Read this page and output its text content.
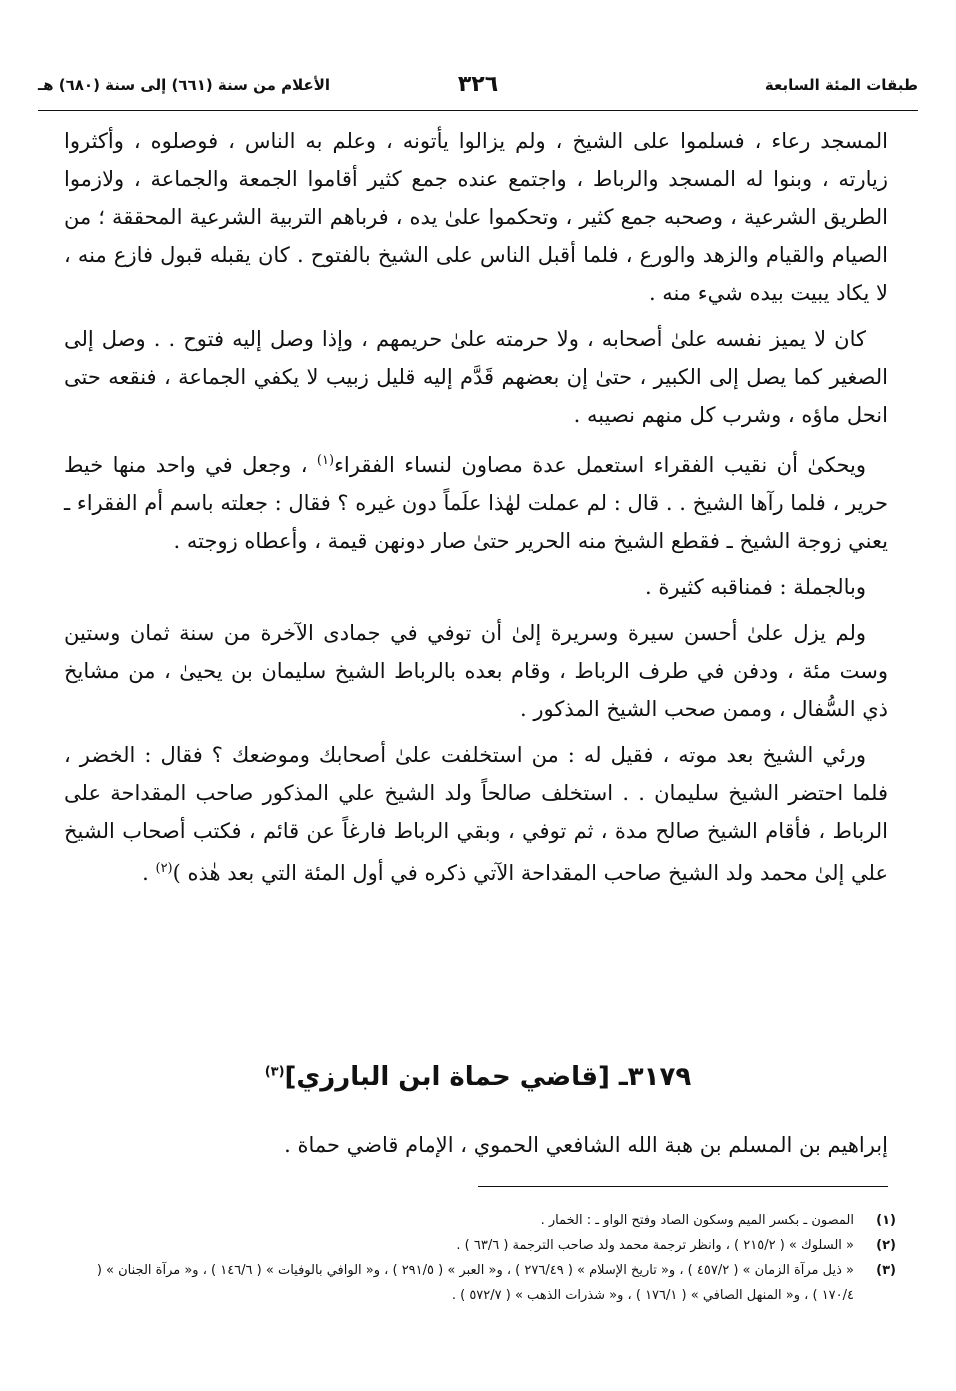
طبقات المئة السابعة
٣٢٦
الأعلام من سنة (٦٦١) إلى سنة (٦٨٠) هـ

المسجد رعاء ، فسلموا على الشيخ ، ولم يزالوا يأتونه ، وعلم به الناس ، فوصلوه ، وأكثروا زيارته ، وبنوا له المسجد والرباط ، واجتمع عنده جمع كثير أقاموا الجمعة والجماعة ، ولازموا الطريق الشرعية ، وصحبه جمع كثير ، وتحكموا علىٰ يده ، فرباهم التربية الشرعية المحققة ؛ من الصيام والقيام والزهد والورع ، فلما أقبل الناس على الشيخ بالفتوح . كان يقبله قبول فازع منه ، لا يكاد يبيت بيده شيء منه .

كان لا يميز نفسه علىٰ أصحابه ، ولا حرمته علىٰ حريمهم ، وإذا وصل إليه فتوح . . وصل إلى الصغير كما يصل إلى الكبير ، حتىٰ إن بعضهم قَدَّم إليه قليل زبيب لا يكفي الجماعة ، فنقعه حتى انحل ماؤه ، وشرب كل منهم نصيبه .

ويحكىٰ أن نقيب الفقراء استعمل عدة مصاون لنساء الفقراء$^{(١)}$ ، وجعل في واحد منها خيط حرير ، فلما رآها الشيخ . . قال : لم عملت لهٰذا علَماً دون غيره ؟ فقال : جعلته باسم أم الفقراء ـ يعني زوجة الشيخ ـ فقطع الشيخ منه الحرير حتىٰ صار دونهن قيمة ، وأعطاه زوجته .

وبالجملة : فمناقبه كثيرة .

ولم يزل علىٰ أحسن سيرة وسريرة إلىٰ أن توفي في جمادى الآخرة من سنة ثمان وستين وست مئة ، ودفن في طرف الرباط ، وقام بعده بالرباط الشيخ سليمان بن يحيىٰ ، من مشايخ ذي السُّفال ، وممن صحب الشيخ المذكور .

ورئي الشيخ بعد موته ، فقيل له : من استخلفت علىٰ أصحابك وموضعك ؟ فقال : الخضر ، فلما احتضر الشيخ سليمان . . استخلف صالحاً ولد الشيخ علي المذكور صاحب المقداحة على الرباط ، فأقام الشيخ صالح مدة ، ثم توفي ، وبقي الرباط فارغاً عن قائم ، فكتب أصحاب الشيخ علي إلىٰ محمد ولد الشيخ صاحب المقداحة الآتي ذكره في أول المئة التي بعد هٰذه )$^{(٢)}$ .

٣١٧٩ـ [قاضي حماة ابن البارزي]$^{(٣)}$
إبراهيم بن المسلم بن هبة الله الشافعي الحموي ، الإمام قاضي حماة .
(١)
المصون ـ بكسر الميم وسكون الصاد وفتح الواو ـ : الخمار .
(٢)
« السلوك » ( ٢١٥/٢ ) ، وانظر ترجمة محمد ولد صاحب الترجمة ( ٦٣/٦ ) .
(٣)
« ذيل مرآة الزمان » ( ٤٥٧/٢ ) ، و« تاريخ الإسلام » ( ٢٧٦/٤٩ ) ، و« العبر » ( ٢٩١/٥ ) ، و« الوافي بالوفيات » ( ١٤٦/٦ ) ، و« مرآة الجنان » ( ١٧٠/٤ ) ، و« المنهل الصافي » ( ١٧٦/١ ) ، و« شذرات الذهب » ( ٥٧٢/٧ ) .
